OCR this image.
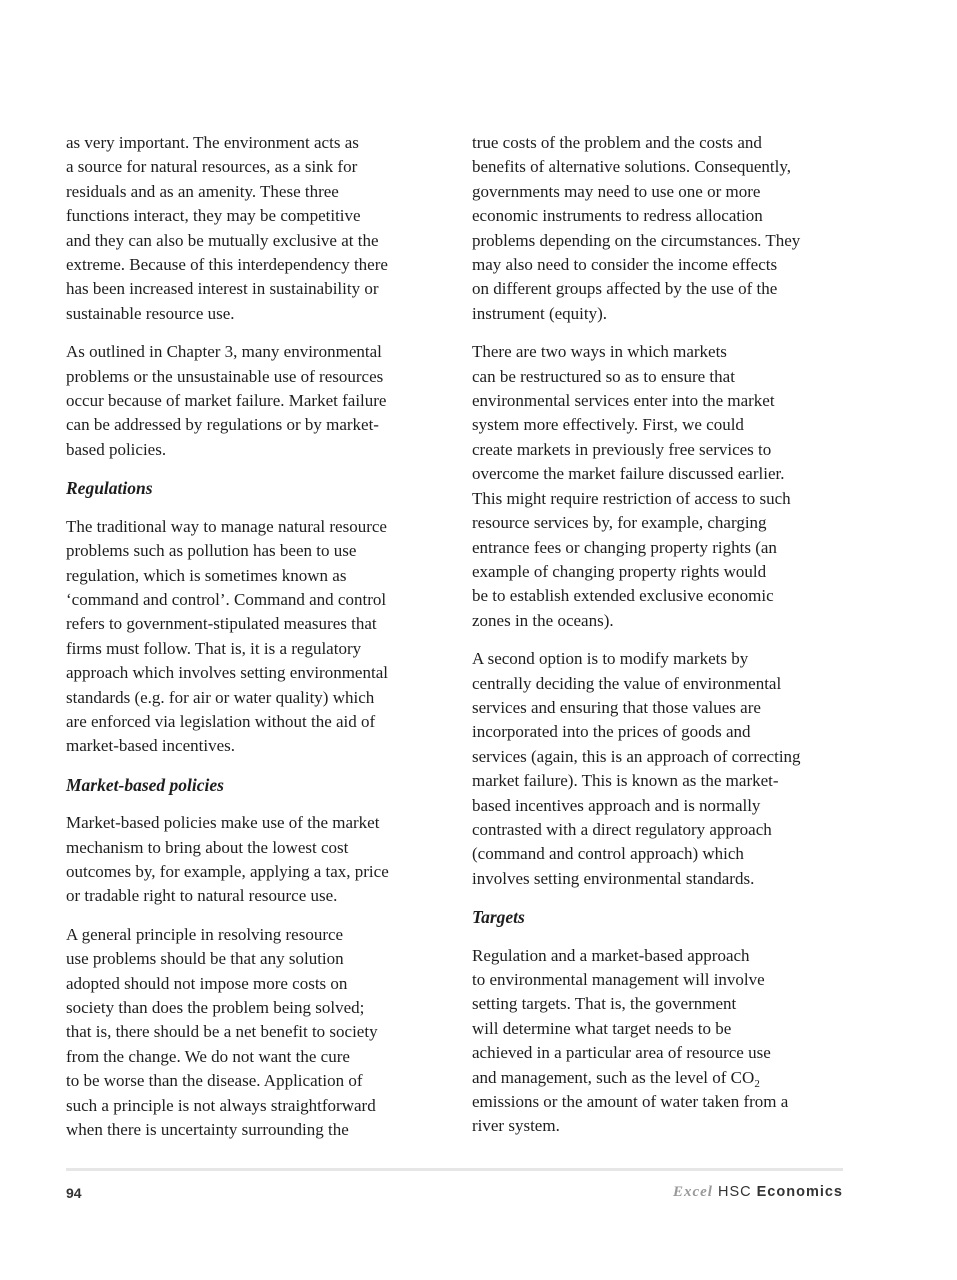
as very important. The environment acts as
a source for natural resources, as a sink for
residuals and as an amenity. These three
functions interact, they may be competitive
and they can also be mutually exclusive at the
extreme. Because of this interdependency there
has been increased interest in sustainability or
sustainable resource use.

As outlined in Chapter 3, many environmental
problems or the unsustainable use of resources
occur because of market failure. Market failure
can be addressed by regulations or by market-
based policies.

Regulations

The traditional way to manage natural resource
problems such as pollution has been to use
regulation, which is sometimes known as
‘command and control’. Command and control
refers to government-stipulated measures that
firms must follow. That is, it is a regulatory
approach which involves setting environmental
standards (e.g. for air or water quality) which
are enforced via legislation without the aid of
market-based incentives.

Market-based policies

Market-based policies make use of the market
mechanism to bring about the lowest cost
outcomes by, for example, applying a tax, price
or tradable right to natural resource use.

A general principle in resolving resource
use problems should be that any solution
adopted should not impose more costs on
society than does the problem being solved;
that is, there should be a net benefit to society
from the change. We do not want the cure
to be worse than the disease. Application of
such a principle is not always straightforward
when there is uncertainty surrounding the

true costs of the problem and the costs and
benefits of alternative solutions. Consequently,
governments may need to use one or more
economic instruments to redress allocation
problems depending on the circumstances. They
may also need to consider the income effects
on different groups affected by the use of the
instrument (equity).

There are two ways in which markets
can be restructured so as to ensure that
environmental services enter into the market
system more effectively. First, we could
create markets in previously free services to
overcome the market failure discussed earlier.
This might require restriction of access to such
resource services by, for example, charging
entrance fees or changing property rights (an
example of changing property rights would
be to establish extended exclusive economic
zones in the oceans).

A second option is to modify markets by
centrally deciding the value of environmental
services and ensuring that those values are
incorporated into the prices of goods and
services (again, this is an approach of correcting
market failure). This is known as the market-
based incentives approach and is normally
contrasted with a direct regulatory approach
(command and control approach) which
involves setting environmental standards.

Targets

Regulation and a market-based approach
to environmental management will involve
setting targets. That is, the government
will determine what target needs to be
achieved in a particular area of resource use
and management, such as the level of $CO_2$
emissions or the amount of water taken from a
river system.

94	Excel HSC Economics
